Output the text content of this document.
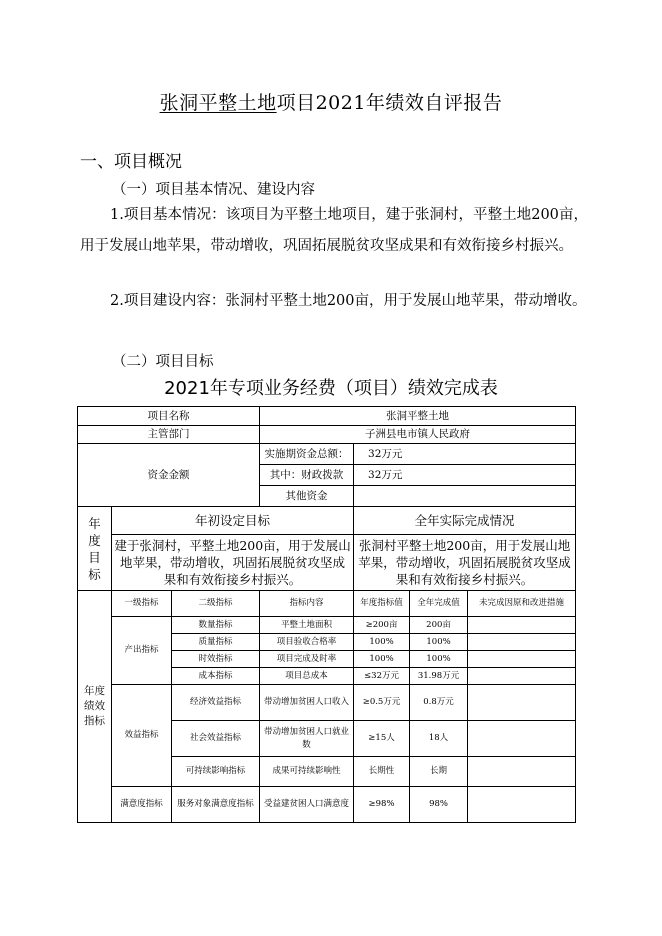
张洞平整土地项目2021年绩效自评报告
一、项目概况
（一）项目基本情况、建设内容
1.项目基本情况：该项目为平整土地项目，建于张洞村，平整土地200亩，用于发展山地苹果，带动增收，巩固拓展脱贫攻坚成果和有效衔接乡村振兴。
2.项目建设内容：张洞村平整土地200亩，用于发展山地苹果，带动增收。
（二）项目目标
2021年专项业务经费（项目）绩效完成表
项目名称			张洞平整土地			
主管部门			子洲县电市镇人民政府			
资金金额			实施期资金总额：	32万元		
			其中：财政拨款	32万元		
			其他资金			
年度目标	年初设定目标			全年实际完成情况		
	建于张洞村，平整土地200亩，用于发展山地苹果，带动增收，巩固拓展脱贫攻坚成果和有效衔接乡村振兴。			张洞村平整土地200亩，用于发展山地苹果，带动增收，巩固拓展脱贫攻坚成果和有效衔接乡村振兴。		
年度绩效指标	一级指标	二级指标	指标内容	年度指标值	全年完成值	未完成因原和改进措施
	产出指标	数量指标	平整土地面积	≥200亩	200亩	
		质量指标	项目验收合格率	100%	100%	
		时效指标	项目完成及时率	100%	100%	
		成本指标	项目总成本	≤32万元	31.98万元	
	效益指标	经济效益指标	带动增加贫困人口收入	≥0.5万元	0.8万元	
		社会效益指标	带动增加贫困人口就业数	≥15人	18人	
		可持续影响指标	成果可持续影响性	长期性	长期	
	满意度指标	服务对象满意度指标	受益建贫困人口满意度	≥98%	98%	
